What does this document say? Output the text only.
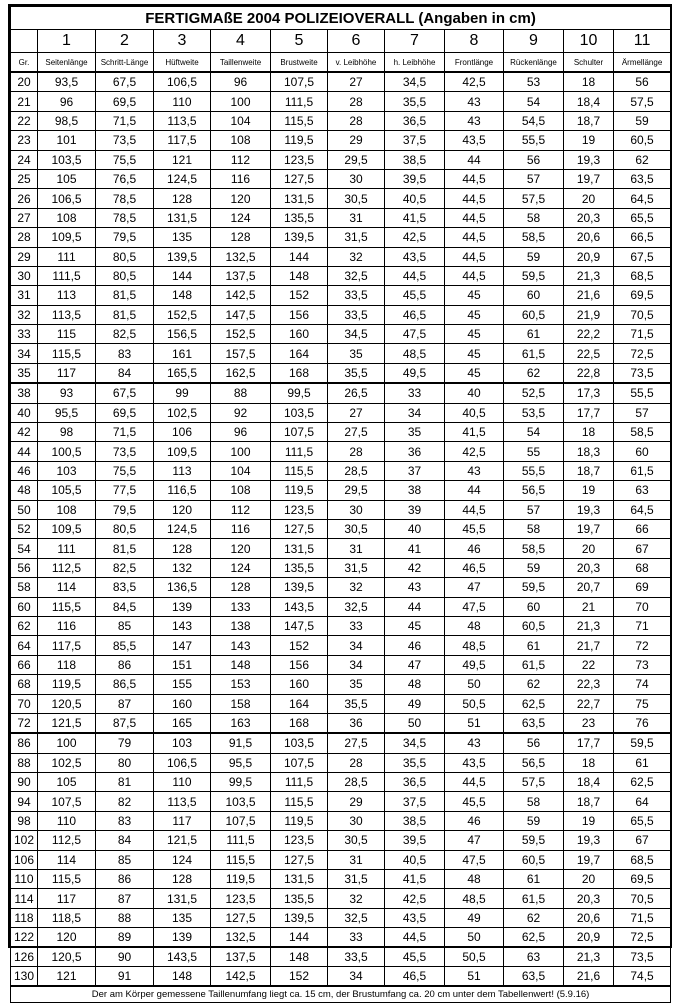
FERTIGMAßE 2004 POLIZEIOVERALL (Angaben in cm)											
	1	2	3	4	5	6	7	8	9	10	11
Gr.	Seitenlänge	Schritt-Länge	Hüftweite	Taillenweite	Brustweite	v. Leibhöhe	h. Leibhöhe	Frontlänge	Rückenlänge	Schulter	Ärmellänge
20	93,5	67,5	106,5	96	107,5	27	34,5	42,5	53	18	56
21	96	69,5	110	100	111,5	28	35,5	43	54	18,4	57,5
22	98,5	71,5	113,5	104	115,5	28	36,5	43	54,5	18,7	59
23	101	73,5	117,5	108	119,5	29	37,5	43,5	55,5	19	60,5
24	103,5	75,5	121	112	123,5	29,5	38,5	44	56	19,3	62
25	105	76,5	124,5	116	127,5	30	39,5	44,5	57	19,7	63,5
26	106,5	78,5	128	120	131,5	30,5	40,5	44,5	57,5	20	64,5
27	108	78,5	131,5	124	135,5	31	41,5	44,5	58	20,3	65,5
28	109,5	79,5	135	128	139,5	31,5	42,5	44,5	58,5	20,6	66,5
29	111	80,5	139,5	132,5	144	32	43,5	44,5	59	20,9	67,5
30	111,5	80,5	144	137,5	148	32,5	44,5	44,5	59,5	21,3	68,5
31	113	81,5	148	142,5	152	33,5	45,5	45	60	21,6	69,5
32	113,5	81,5	152,5	147,5	156	33,5	46,5	45	60,5	21,9	70,5
33	115	82,5	156,5	152,5	160	34,5	47,5	45	61	22,2	71,5
34	115,5	83	161	157,5	164	35	48,5	45	61,5	22,5	72,5
35	117	84	165,5	162,5	168	35,5	49,5	45	62	22,8	73,5
38	93	67,5	99	88	99,5	26,5	33	40	52,5	17,3	55,5
40	95,5	69,5	102,5	92	103,5	27	34	40,5	53,5	17,7	57
42	98	71,5	106	96	107,5	27,5	35	41,5	54	18	58,5
44	100,5	73,5	109,5	100	111,5	28	36	42,5	55	18,3	60
46	103	75,5	113	104	115,5	28,5	37	43	55,5	18,7	61,5
48	105,5	77,5	116,5	108	119,5	29,5	38	44	56,5	19	63
50	108	79,5	120	112	123,5	30	39	44,5	57	19,3	64,5
52	109,5	80,5	124,5	116	127,5	30,5	40	45,5	58	19,7	66
54	111	81,5	128	120	131,5	31	41	46	58,5	20	67
56	112,5	82,5	132	124	135,5	31,5	42	46,5	59	20,3	68
58	114	83,5	136,5	128	139,5	32	43	47	59,5	20,7	69
60	115,5	84,5	139	133	143,5	32,5	44	47,5	60	21	70
62	116	85	143	138	147,5	33	45	48	60,5	21,3	71
64	117,5	85,5	147	143	152	34	46	48,5	61	21,7	72
66	118	86	151	148	156	34	47	49,5	61,5	22	73
68	119,5	86,5	155	153	160	35	48	50	62	22,3	74
70	120,5	87	160	158	164	35,5	49	50,5	62,5	22,7	75
72	121,5	87,5	165	163	168	36	50	51	63,5	23	76
86	100	79	103	91,5	103,5	27,5	34,5	43	56	17,7	59,5
88	102,5	80	106,5	95,5	107,5	28	35,5	43,5	56,5	18	61
90	105	81	110	99,5	111,5	28,5	36,5	44,5	57,5	18,4	62,5
94	107,5	82	113,5	103,5	115,5	29	37,5	45,5	58	18,7	64
98	110	83	117	107,5	119,5	30	38,5	46	59	19	65,5
102	112,5	84	121,5	111,5	123,5	30,5	39,5	47	59,5	19,3	67
106	114	85	124	115,5	127,5	31	40,5	47,5	60,5	19,7	68,5
110	115,5	86	128	119,5	131,5	31,5	41,5	48	61	20	69,5
114	117	87	131,5	123,5	135,5	32	42,5	48,5	61,5	20,3	70,5
118	118,5	88	135	127,5	139,5	32,5	43,5	49	62	20,6	71,5
122	120	89	139	132,5	144	33	44,5	50	62,5	20,9	72,5
126	120,5	90	143,5	137,5	148	33,5	45,5	50,5	63	21,3	73,5
130	121	91	148	142,5	152	34	46,5	51	63,5	21,6	74,5
Der am Körper gemessene Taillenumfang liegt ca. 15 cm, der Brustumfang ca. 20 cm unter dem Tabellenwert! (5.9.16)											
